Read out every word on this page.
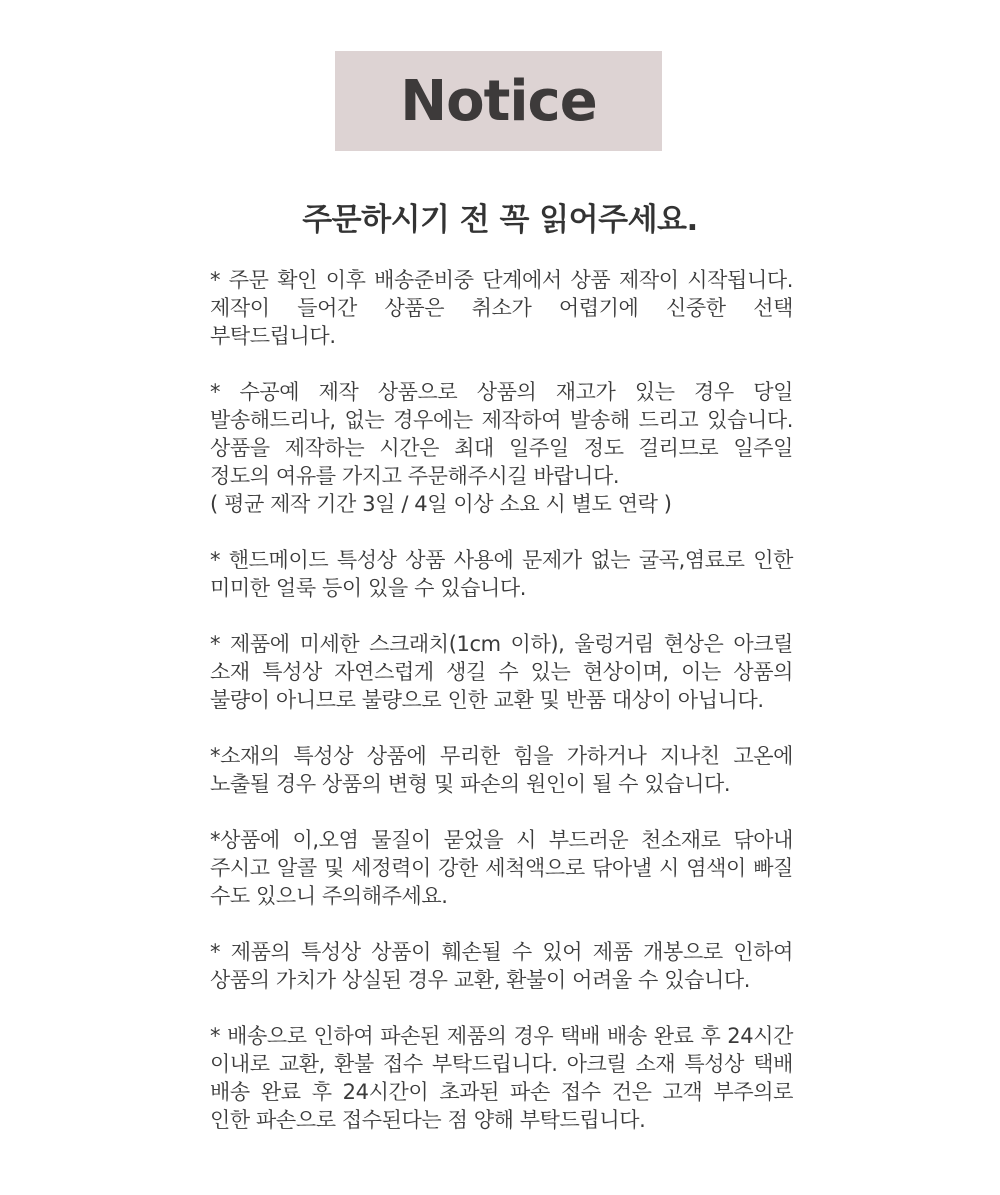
Notice
주문하시기 전 꼭 읽어주세요.

* 주문 확인 이후 배송준비중 단계에서 상품 제작이 시작됩니다. 제작이 들어간 상품은 취소가 어렵기에 신중한 선택 부탁드립니다.

* 수공예 제작 상품으로 상품의 재고가 있는 경우 당일 발송해드리나, 없는 경우에는 제작하여 발송해 드리고 있습니다. 상품을 제작하는 시간은 최대 일주일 정도 걸리므로 일주일 정도의 여유를 가지고 주문해주시길 바랍니다.
( 평균 제작 기간 3일 / 4일 이상 소요 시 별도 연락 )

* 핸드메이드 특성상 상품 사용에 문제가 없는 굴곡,염료로 인한 미미한 얼룩 등이 있을 수 있습니다.

* 제품에 미세한 스크래치(1cm 이하), 울렁거림 현상은 아크릴 소재 특성상 자연스럽게 생길 수 있는 현상이며, 이는 상품의 불량이 아니므로 불량으로 인한 교환 및 반품 대상이 아닙니다.

*소재의 특성상 상품에 무리한 힘을 가하거나 지나친 고온에 노출될 경우 상품의 변형 및 파손의 원인이 될 수 있습니다.

*상품에 이,오염 물질이 묻었을 시 부드러운 천소재로 닦아내 주시고 알콜 및 세정력이 강한 세척액으로 닦아낼 시 염색이 빠질 수도 있으니 주의해주세요.

* 제품의 특성상 상품이 훼손될 수 있어 제품 개봉으로 인하여 상품의 가치가 상실된 경우 교환, 환불이 어려울 수 있습니다.

* 배송으로 인하여 파손된 제품의 경우 택배 배송 완료 후 24시간 이내로 교환, 환불 접수 부탁드립니다. 아크릴 소재 특성상 택배 배송 완료 후 24시간이 초과된 파손 접수 건은 고객 부주의로 인한 파손으로 접수된다는 점 양해 부탁드립니다.
